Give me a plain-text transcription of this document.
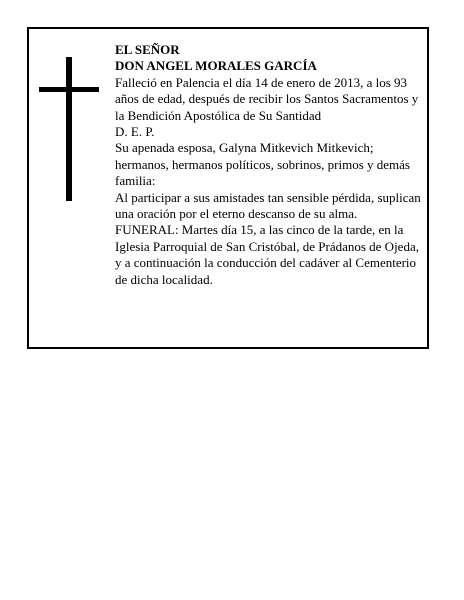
EL SEÑOR
DON ANGEL MORALES GARCÍA

Falleció en Palencia el día 14 de enero de 2013, a los 93 años de edad, después de recibir los Santos Sacramentos y la Bendición Apostólica de Su Santidad

D. E. P.

Su apenada esposa, Galyna Mitkevich Mitkevich; hermanos, hermanos políticos, sobrinos, primos y demás familia:

Al participar a sus amistades tan sensible pérdida, suplican una oración por el eterno descanso de su alma.

FUNERAL: Martes día 15, a las cinco de la tarde, en la Iglesia Parroquial de San Cristóbal, de Prádanos de Ojeda, y a continuación la conducción del cadáver al Cementerio de dicha localidad.
